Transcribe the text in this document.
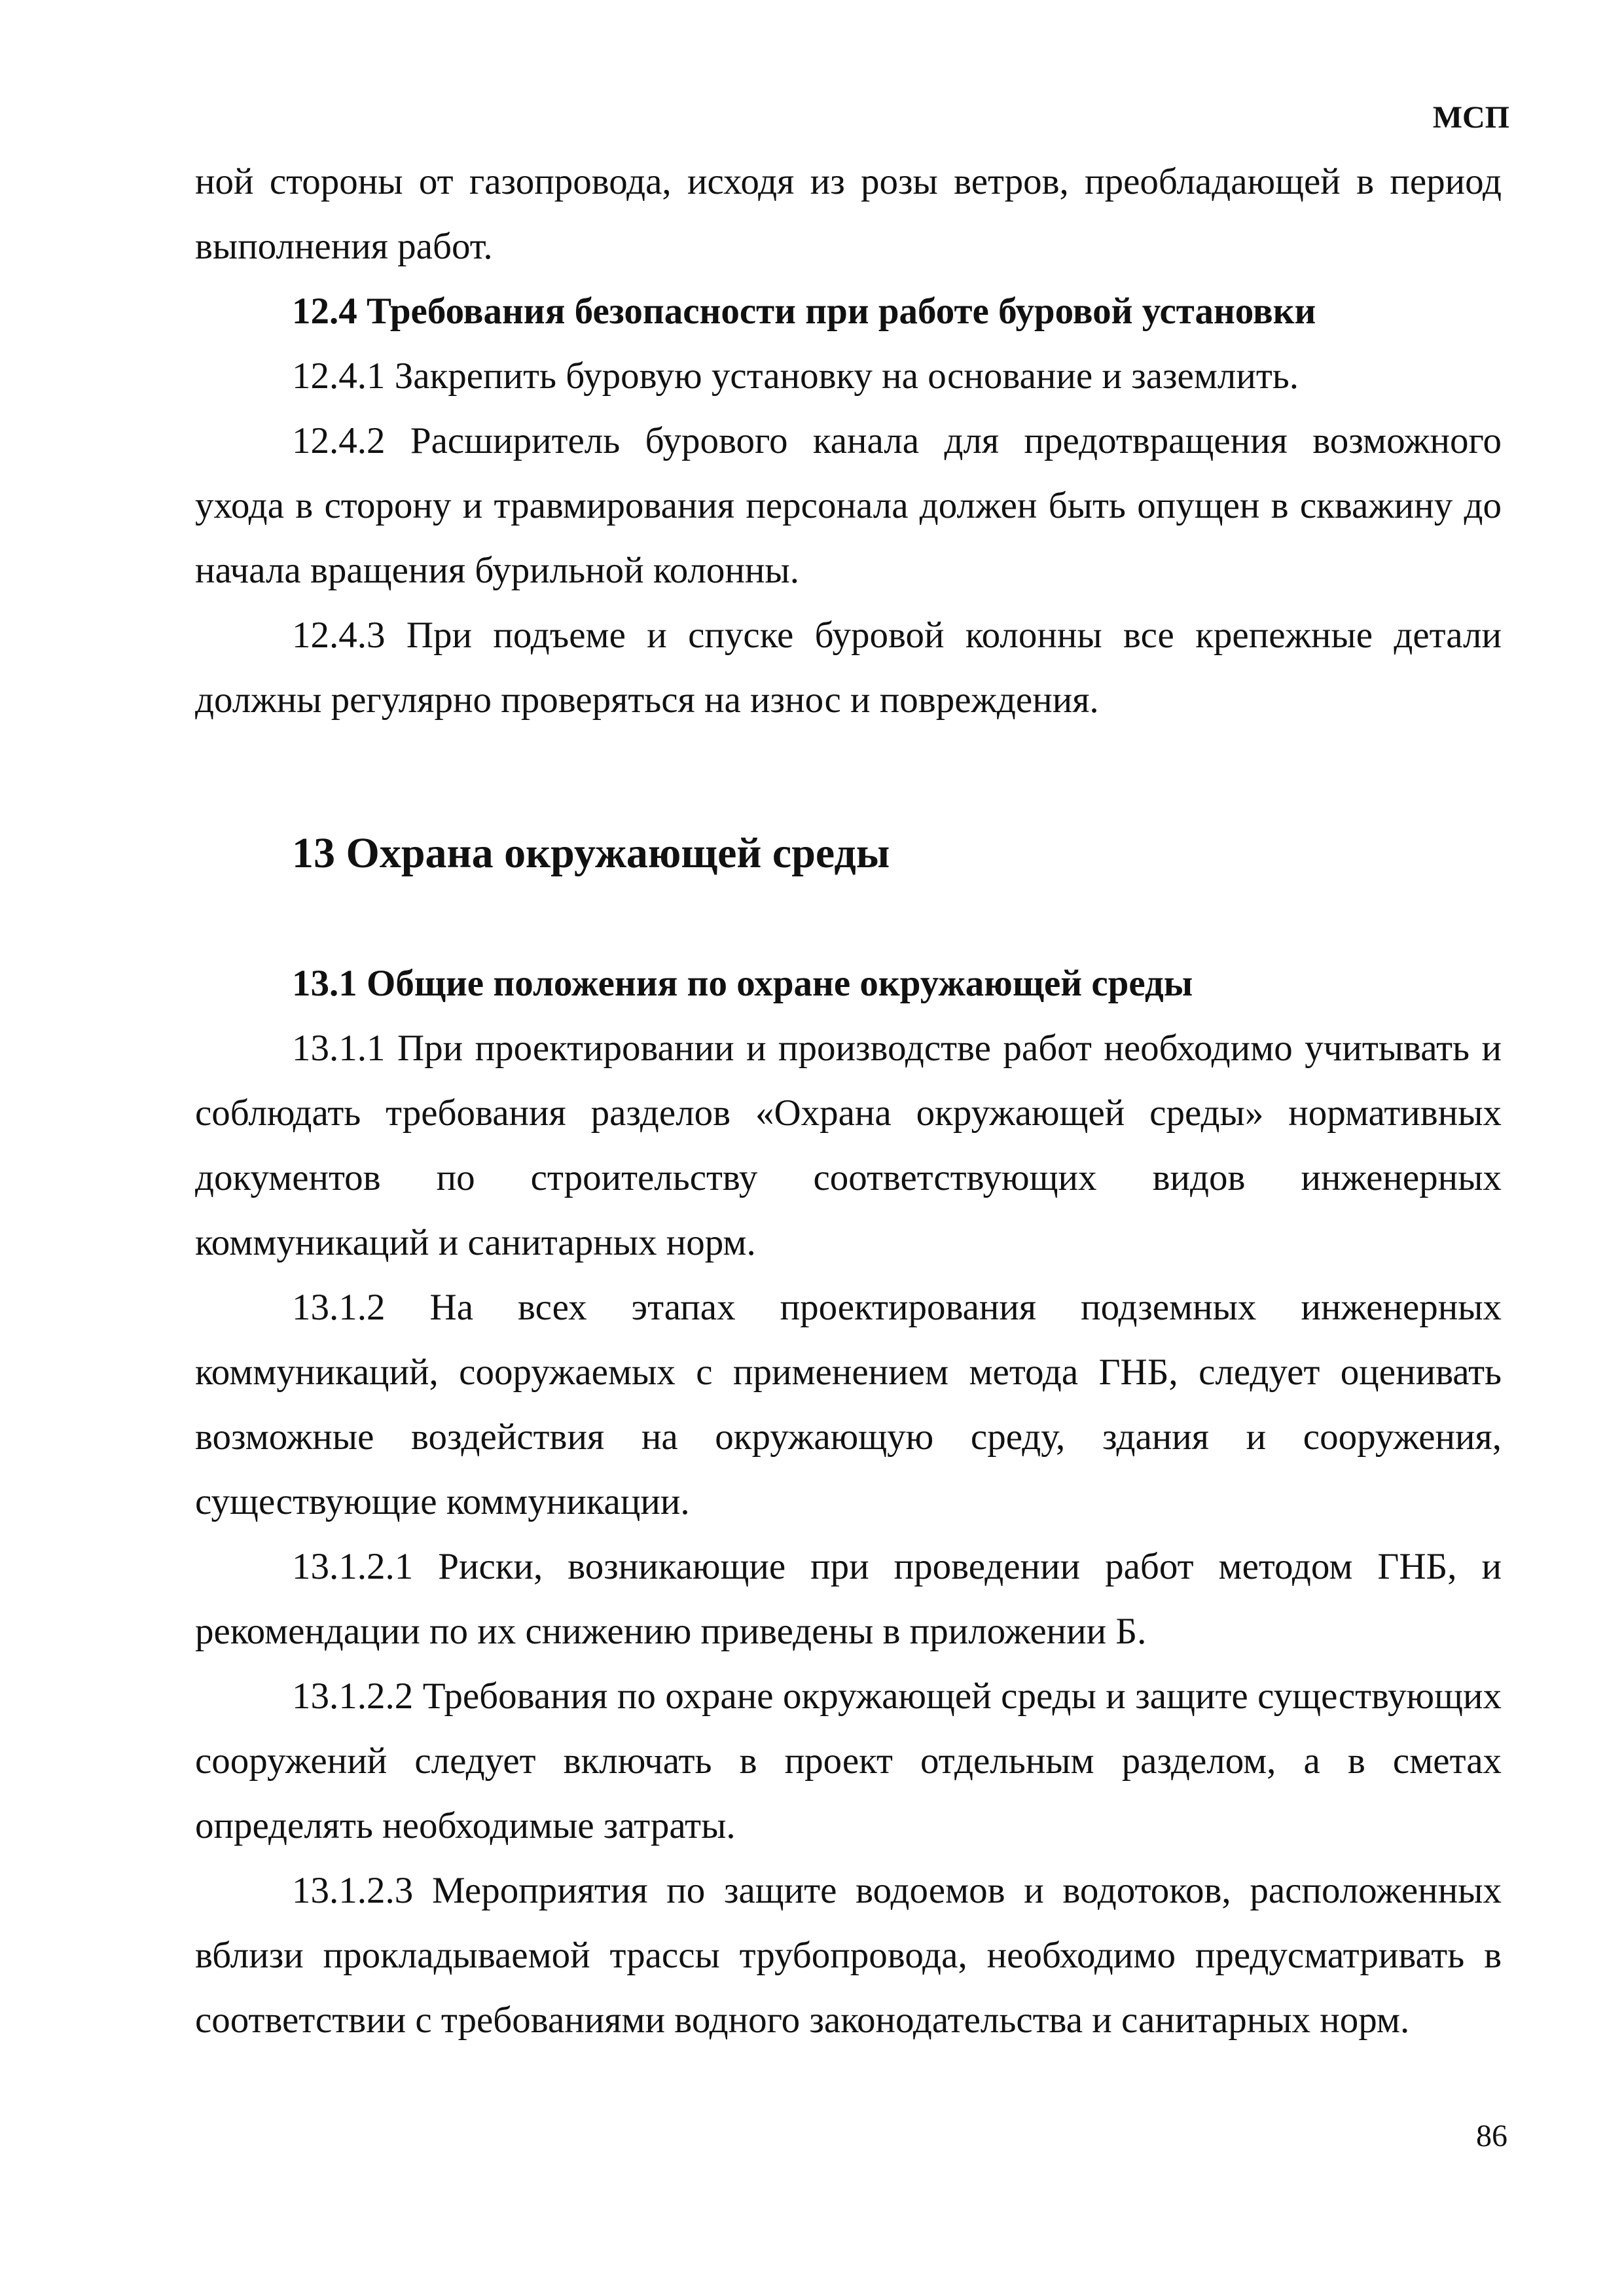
МСП

ной стороны от газопровода, исходя из розы ветров, преобладающей в период выполнения работ.

12.4 Требования безопасности при работе буровой установки

12.4.1 Закрепить буровую установку на основание и заземлить.

12.4.2 Расширитель бурового канала для предотвращения возможного ухода в сторону и травмирования персонала должен быть опущен в скважину до начала вращения бурильной колонны.

12.4.3 При подъеме и спуске буровой колонны все крепежные детали должны регулярно проверяться на износ и повреждения.

13 Охрана окружающей среды

13.1 Общие положения по охране окружающей среды

13.1.1 При проектировании и производстве работ необходимо учитывать и соблюдать требования разделов «Охрана окружающей среды» нормативных документов по строительству соответствующих видов инженерных коммуникаций и санитарных норм.

13.1.2 На всех этапах проектирования подземных инженерных коммуникаций, сооружаемых с применением метода ГНБ, следует оценивать возможные воздействия на окружающую среду, здания и сооружения, существующие коммуникации.

13.1.2.1 Риски, возникающие при проведении работ методом ГНБ, и рекомендации по их снижению приведены в приложении Б.

13.1.2.2 Требования по охране окружающей среды и защите существующих сооружений следует включать в проект отдельным разделом, а в сметах определять необходимые затраты.

13.1.2.3 Мероприятия по защите водоемов и водотоков, расположенных вблизи прокладываемой трассы трубопровода, необходимо предусматривать в соответствии с требованиями водного законодательства и санитарных норм.

86
